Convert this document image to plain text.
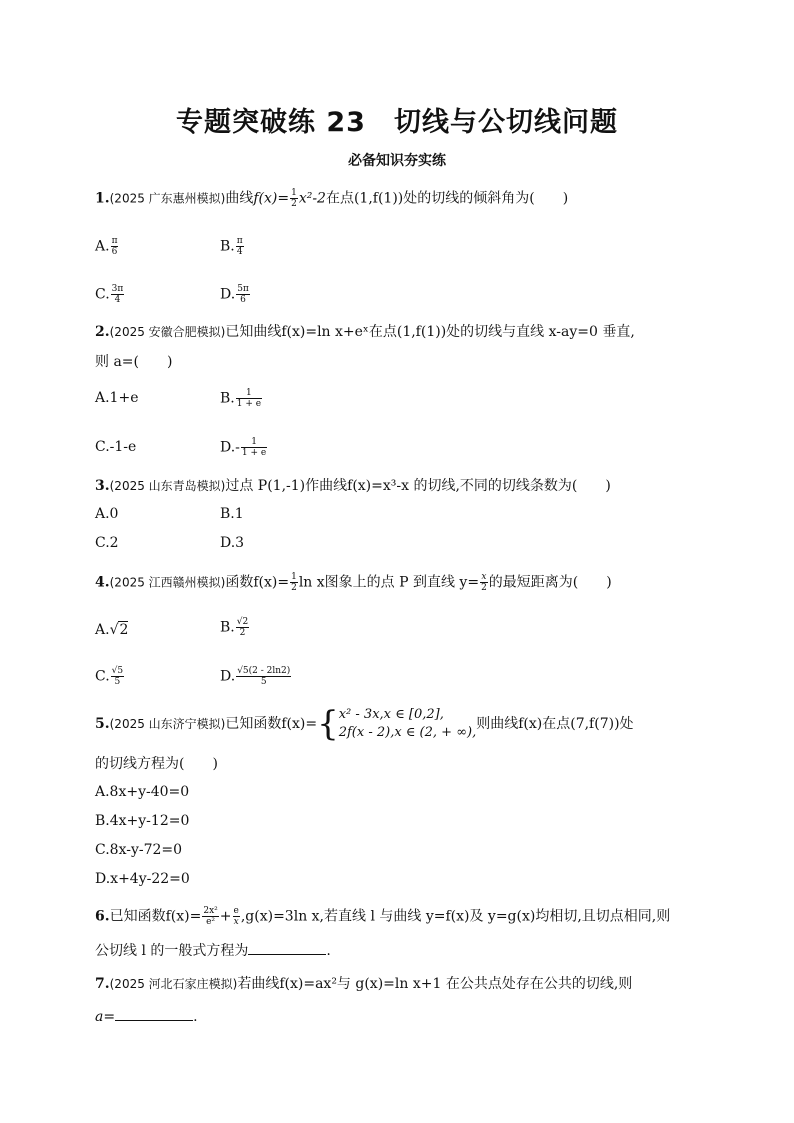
专题突破练 23　切线与公切线问题
必备知识夯实练
1.(2025 广东惠州模拟)曲线$f(x)= \frac{1}{2} x^2-2$在点(1,f(1))处的切线的倾斜角为(　　)
A. $\frac{\pi}{6}$	B. $\frac{\pi}{4}$
C. $\frac{3\pi}{4}$	D. $\frac{5\pi}{6}$
2.(2025 安徽合肥模拟)已知曲线f(x)=ln x+eˣ在点(1,f(1))处的切线与直线 x-ay=0 垂直,
则 a=(　　)
A.1+e	B. $\frac{1}{1 + e}$
C.-1-e	$D.- \frac{1}{1 + e}$
3.(2025 山东青岛模拟)过点 P(1,-1)作曲线f(x)=x³-x 的切线,不同的切线条数为(　　)
A.0	B.1
C.2	D.3
4.(2025 江西赣州模拟)函数$f(x)= \frac{1}{2}$ ln x图象上的点 P 到直线 $y= \frac{x}{2}$ 的最短距离为(　　)
A.√2	B. $\frac{√2}{2}$
C. $\frac{√5}{5}$	D. $\frac{√5(2 - 2\ln 2)}{5}$
5.(2025 山东济宁模拟)已知函数f(x)={ x² - 3x,x ∈ [0,2],
2f(x - 2),x ∈ (2, + ∞),
则曲线f(x)在点(7,f(7))处
的切线方程为(　　)
A.8x+y-40=0
B.4x+y-12=0
C.8x-y-72=0
D.x+4y-22=0
6.已知函数$f(x)= \frac{\text{2x²}}{\text{e²}} + \frac{e}{x} ,g(x)=3\ln$ x,若直线 l 与曲线 y=f(x)及 y=g(x)均相切,且切点相同,则
公切线 l 的一般式方程为	.
7.(2025 河北石家庄模拟)若曲线f(x)=ax²与 g(x)=ln x+1 在公共点处存在公共的切线,则
a=	.
